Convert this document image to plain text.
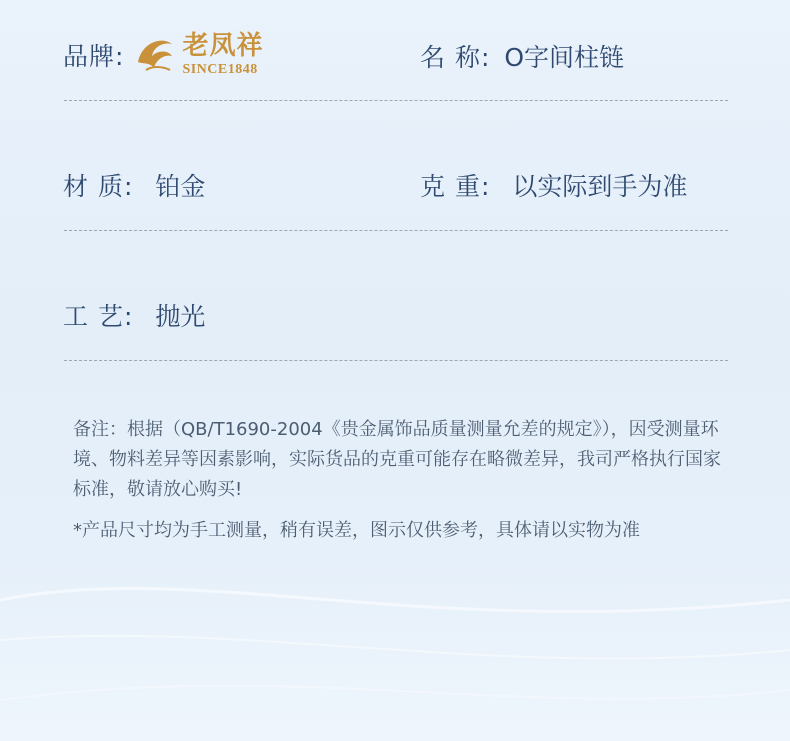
品牌: 老凤祥
SINCE1848	名 称: O字间柱链
材 质: 铂金	克 重: 以实际到手为准
工 艺: 抛光
备注：根据（QB/T1690-2004《贵金属饰品质量测量允差的规定》），因受测量环境、物料差异等因素影响，实际货品的克重可能存在略微差异，我司严格执行国家标准，敬请放心购买!
*产品尺寸均为手工测量，稍有误差，图示仅供参考，具体请以实物为准
